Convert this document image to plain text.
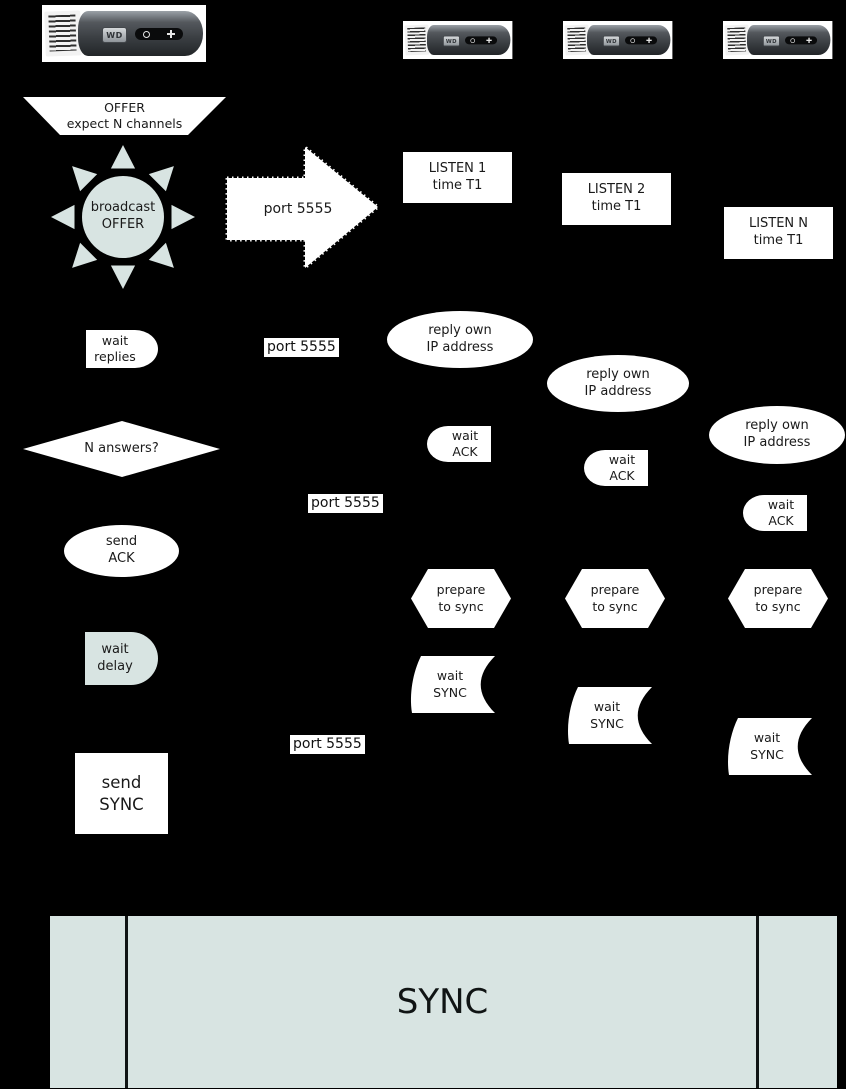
WD
WD	WD	WD
OFFER
expect N channels
broadcast
OFFER
port 5555
LISTEN 1
time T1	LISTEN 2
time T1
LISTEN N
time T1
port 5555
port 5555
port 5555
wait
replies
reply own
IP address
reply own
IP address
reply own
IP address
wait
ACK
wait
ACK
wait
ACK
N answers?
send
ACK
prepare
to sync
prepare
to sync
prepare
to sync
wait
delay
wait
SYNC
wait
SYNC
wait
SYNC
send
SYNC
SYNC
